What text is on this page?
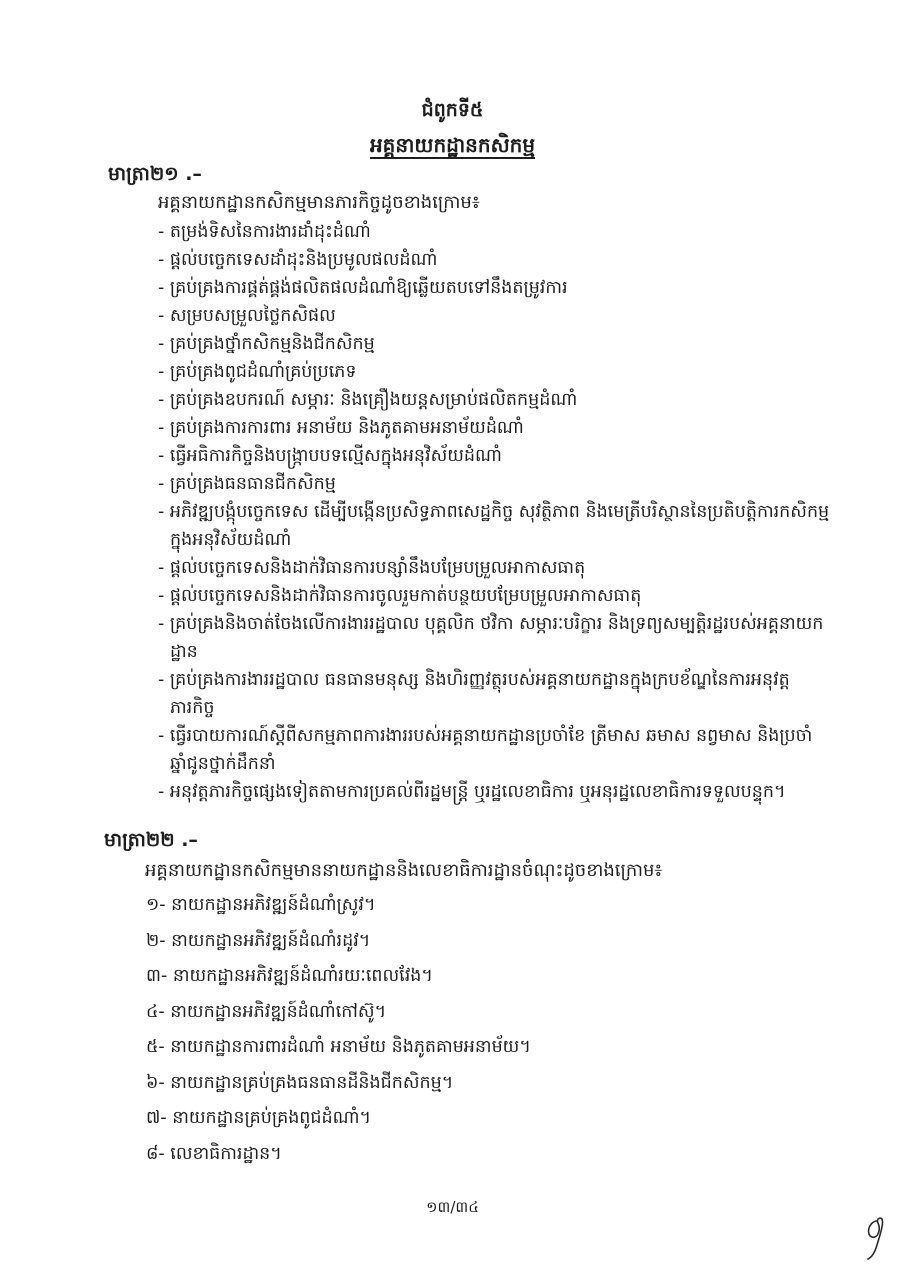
ជំពូកទី៥
អគ្គនាយកដ្ឋានកសិកម្ម
មាត្រា២១ .–
អគ្គនាយកដ្ឋានកសិកម្មមានភារកិច្ចដូចខាងក្រោម៖
- តម្រង់ទិសនៃការងារដាំដុះដំណាំ
- ផ្តល់បច្ចេកទេសដាំដុះនិងប្រមូលផលដំណាំ
- គ្រប់គ្រងការផ្គត់ផ្គង់ផលិតផលដំណាំឱ្យឆ្លើយតបទៅនឹងតម្រូវការ
- សម្របសម្រួលថ្លៃកសិផល
- គ្រប់គ្រងថ្នាំកសិកម្មនិងជីកសិកម្ម
- គ្រប់គ្រងពូជដំណាំគ្រប់ប្រភេទ
- គ្រប់គ្រងឧបករណ៍ សម្ភារៈ និងគ្រឿងយន្តសម្រាប់ផលិតកម្មដំណាំ
- គ្រប់គ្រងការការពារ អនាម័យ និងភូតគាមអនាម័យដំណាំ
- ធ្វើអធិការកិច្ចនិងបង្ក្រាបបទល្មើសក្នុងអនុវិស័យដំណាំ
- គ្រប់គ្រងធនធានជីកសិកម្ម
- អភិវឌ្ឍបង្កុំបច្ចេកទេស ដើម្បីបង្កើនប្រសិទ្ធភាពសេដ្ឋកិច្ច សុវត្ថិភាព និងមេត្រីបរិស្ថាននៃប្រតិបត្តិការកសិកម្ម ក្នុងអនុវិស័យដំណាំ
- ផ្តល់បច្ចេកទេសនិងដាក់វិធានការបន្សាំនឹងបម្រែបម្រួលអាកាសធាតុ
- ផ្តល់បច្ចេកទេសនិងដាក់វិធានការចូលរួមកាត់បន្ថយបម្រែបម្រួលអាកាសធាតុ
- គ្រប់គ្រងនិងចាត់ចែងលើការងាររដ្ឋបាល បុគ្គលិក ថវិកា សម្ភារៈបរិក្ខារ និងទ្រព្យសម្បត្តិរដ្ឋរបស់អគ្គនាយកដ្ឋាន
- គ្រប់គ្រងការងាររដ្ឋបាល ធនធានមនុស្ស និងហិរញ្ញវត្ថុរបស់អគ្គនាយកដ្ឋានក្នុងក្របខ័ណ្ឌនៃការអនុវត្តភារកិច្ច
- ធ្វើរបាយការណ៍ស្តីពីសកម្មភាពការងាររបស់អគ្គនាយកដ្ឋានប្រចាំខែ ត្រីមាស ឆមាស នព្វមាស និងប្រចាំឆ្នាំជូនថ្នាក់ដឹកនាំ
- អនុវត្តភារកិច្ចផ្សេងទៀតតាមការប្រគល់ពីរដ្ឋមន្ត្រី ឬរដ្ឋលេខាធិការ ឬអនុរដ្ឋលេខាធិការទទួលបន្ទុក។
មាត្រា២២ .–
អគ្គនាយកដ្ឋានកសិកម្មមាននាយកដ្ឋាននិងលេខាធិការដ្ឋានចំណុះដូចខាងក្រោម៖
១- នាយកដ្ឋានអភិវឌ្ឍន៍ដំណាំស្រូវ។
២- នាយកដ្ឋានអភិវឌ្ឍន៍ដំណាំរដូវ។
៣- នាយកដ្ឋានអភិវឌ្ឍន៍ដំណាំរយៈពេលវែង។
៤- នាយកដ្ឋានអភិវឌ្ឍន៍ដំណាំកៅស៊ូ។
៥- នាយកដ្ឋានការពារដំណាំ អនាម័យ និងភូតគាមអនាម័យ។
៦- នាយកដ្ឋានគ្រប់គ្រងធនធានដីនិងជីកសិកម្ម។
៧- នាយកដ្ឋានគ្រប់គ្រងពូជដំណាំ។
៨- លេខាធិការដ្ឋាន។
១៣/៣៤
